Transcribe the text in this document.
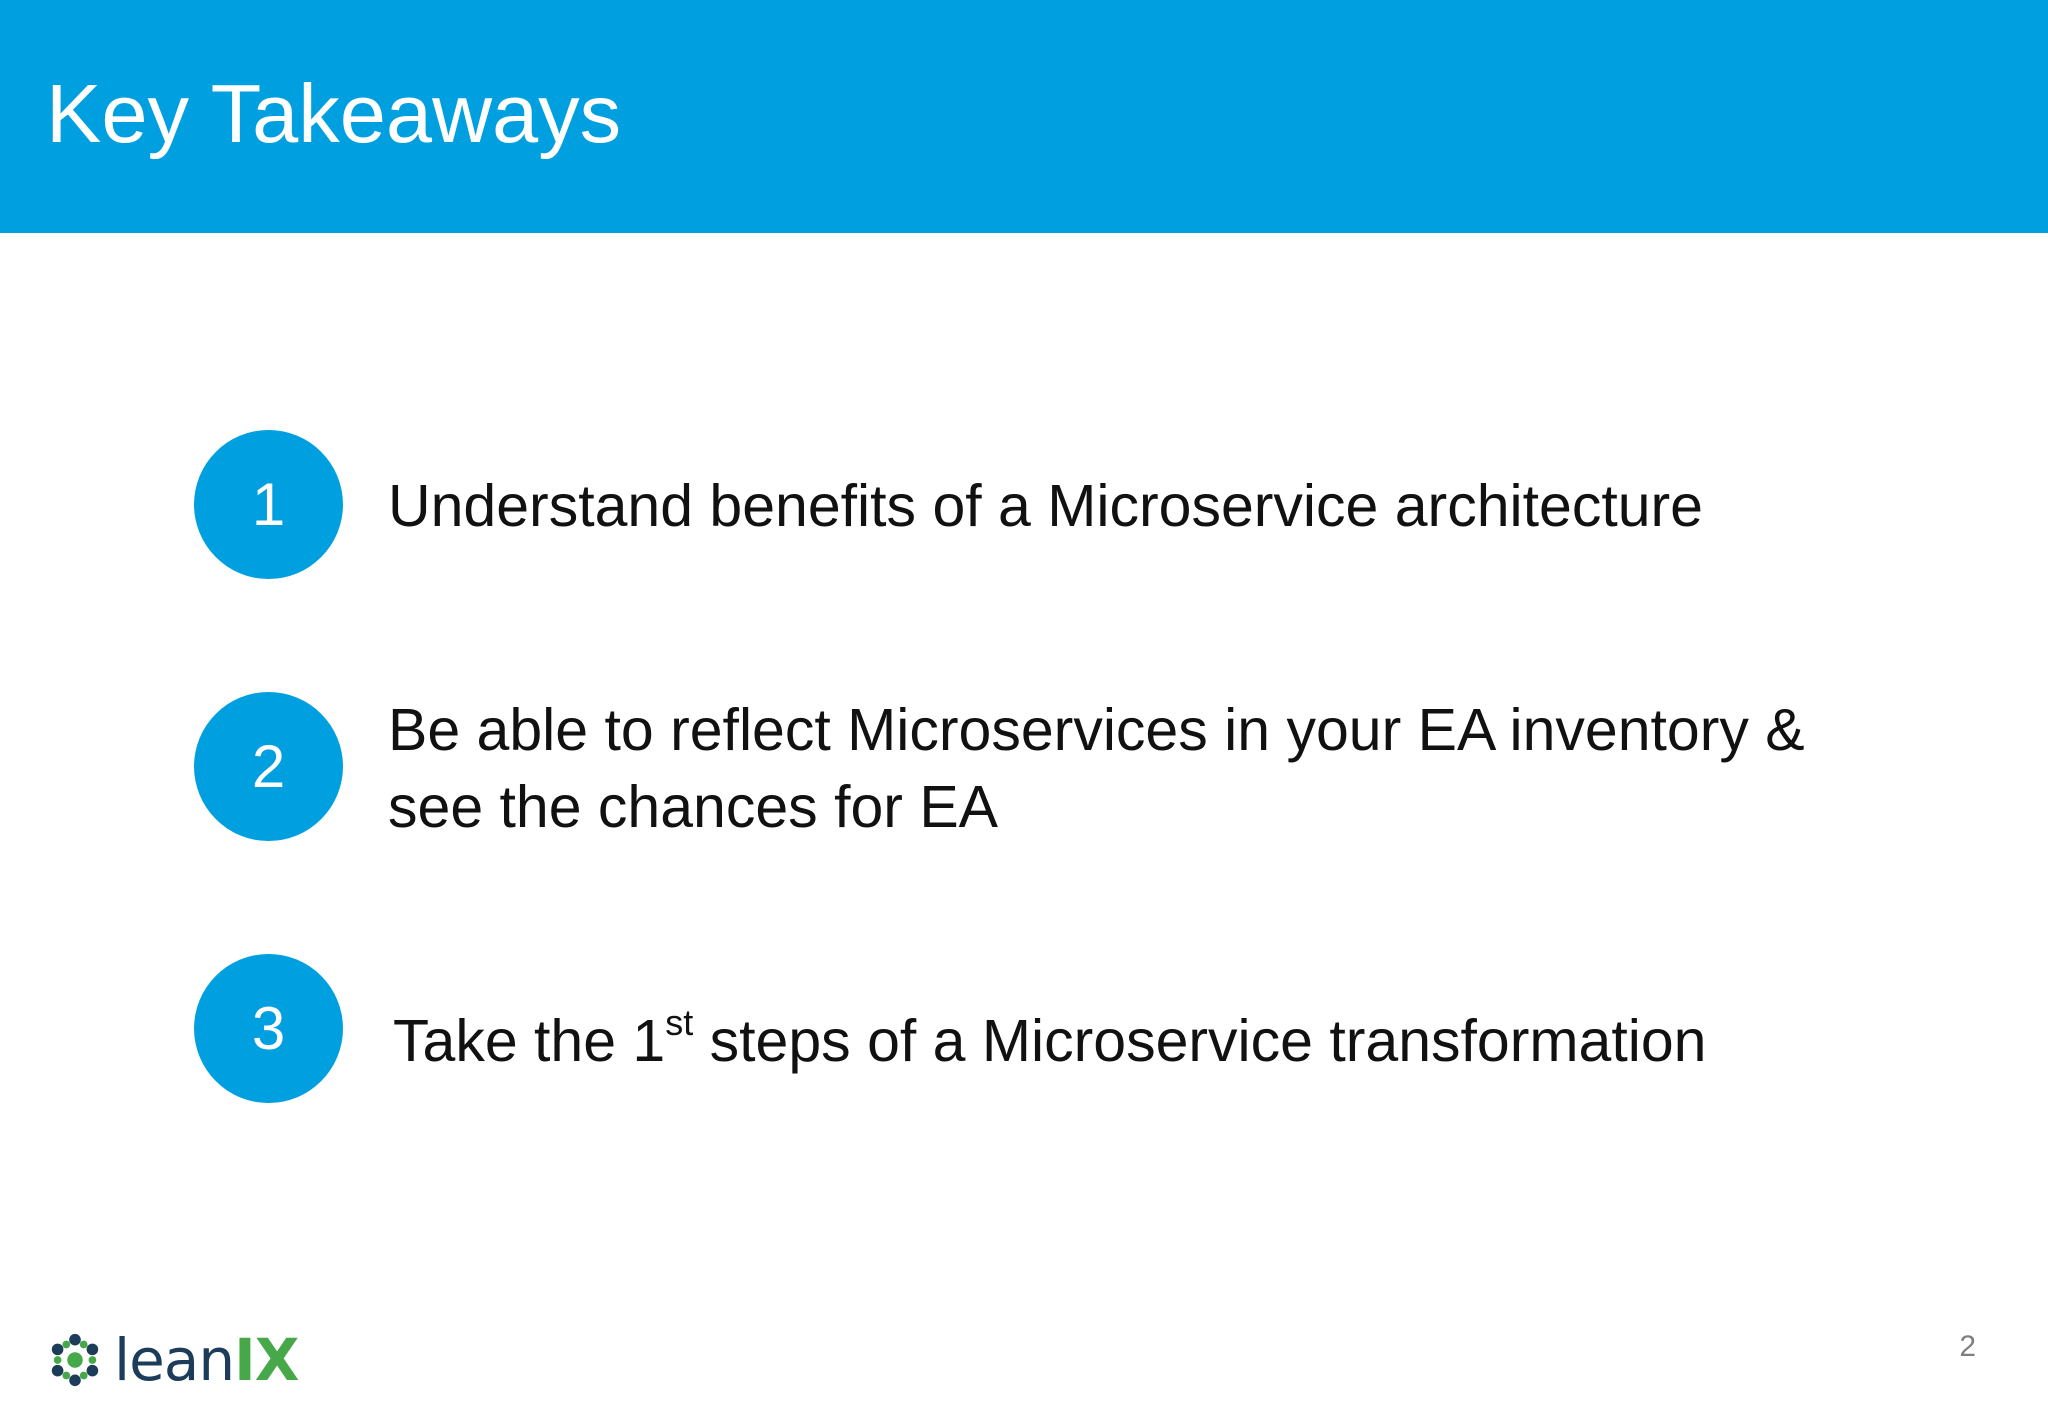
Key Takeaways
1	Understand benefits of a Microservice architecture
2
Be able to reflect Microservices in your EA inventory &
see the chances for EA
3	Take the 1st steps of a Microservice transformation
lean IX	2
